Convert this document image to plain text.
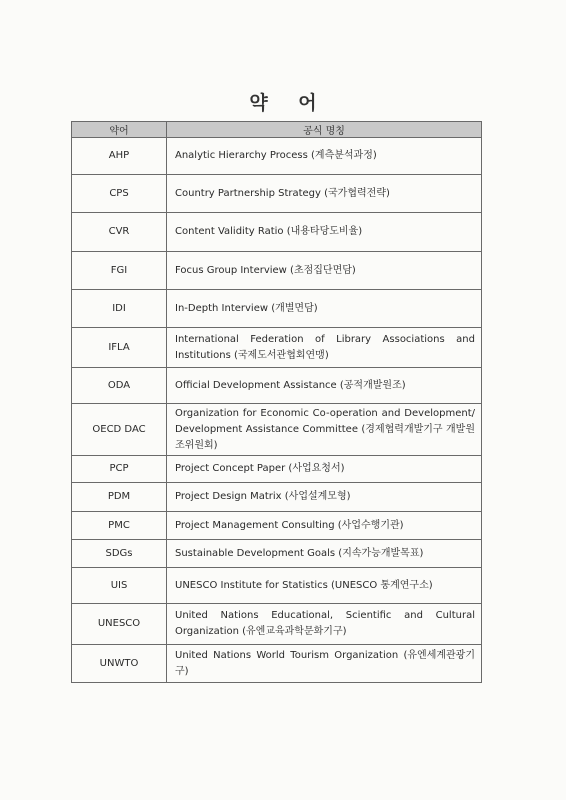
약 어
약어	공식 명칭
AHP	Analytic Hierarchy Process (계측분석과정)
CPS	Country Partnership Strategy (국가협력전략)
CVR	Content Validity Ratio (내용타당도비율)
FGI	Focus Group Interview (초점집단면담)
IDI	In-Depth Interview (개별면담)
IFLA	International Federation of Library Associations and Institutions (국제도서관협회연맹)
ODA	Official Development Assistance (공적개발원조)
OECD DAC	Organization for Economic Co-operation and Development/ Development Assistance Committee (경제협력개발기구 개발원조위원회)
PCP	Project Concept Paper (사업요청서)
PDM	Project Design Matrix (사업설계모형)
PMC	Project Management Consulting (사업수행기관)
SDGs	Sustainable Development Goals (지속가능개발목표)
UIS	UNESCO Institute for Statistics (UNESCO 통계연구소)
UNESCO	United Nations Educational, Scientific and Cultural Organization (유엔교육과학문화기구)
UNWTO	United Nations World Tourism Organization (유엔세계관광기구)
